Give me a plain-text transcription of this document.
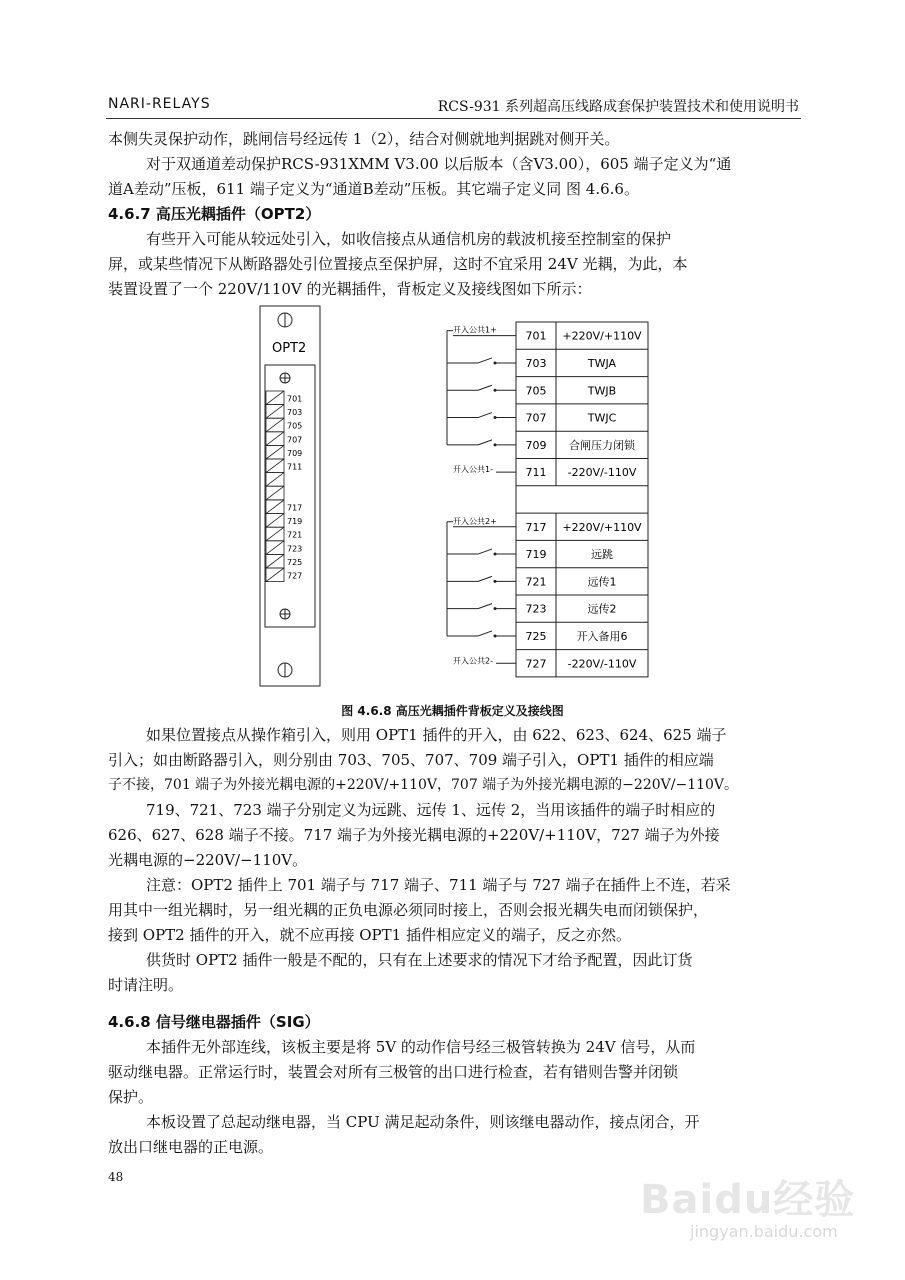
NARI-RELAYS	RCS-931 系列超高压线路成套保护装置技术和使用说明书
本侧失灵保护动作，跳闸信号经远传 1（2），结合对侧就地判据跳对侧开关。
对于双通道差动保护RCS-931XMM V3.00 以后版本（含V3.00），605 端子定义为“通
道A差动”压板，611 端子定义为“通道B差动”压板。其它端子定义同 图 4.6.6。
4.6.7 高压光耦插件（OPT2）
有些开入可能从较远处引入，如收信接点从通信机房的载波机接至控制室的保护
屏，或某些情况下从断路器处引位置接点至保护屏，这时不宜采用 24V 光耦，为此，本
装置设置了一个 220V/110V 的光耦插件，背板定义及接线图如下所示：
OPT2
701
703
705
707
709
711
717
719
721
723
725
727
701 +220V/+110V
703	TWJA
705	TWJB
707	TWJC
709 合闸压力闭锁
711 -220V/-110V
717 +220V/+110V
719	远跳
721	远传1
723	远传2
725	开入备用6
727 -220V/-110V
开入公共1+
开入公共1-
开入公共2+
开入公共2-
图 4.6.8 高压光耦插件背板定义及接线图
如果位置接点从操作箱引入，则用 OPT1 插件的开入，由 622、623、624、625 端子
引入；如由断路器引入，则分别由 703、705、707、709 端子引入，OPT1 插件的相应端
子不接，701 端子为外接光耦电源的+220V/+110V，707 端子为外接光耦电源的−220V/−110V。
719、721、723 端子分别定义为远跳、远传 1、远传 2，当用该插件的端子时相应的
626、627、628 端子不接。717 端子为外接光耦电源的+220V/+110V，727 端子为外接
光耦电源的−220V/−110V。
注意：OPT2 插件上 701 端子与 717 端子、711 端子与 727 端子在插件上不连，若采
用其中一组光耦时，另一组光耦的正负电源必须同时接上，否则会报光耦失电而闭锁保护，
接到 OPT2 插件的开入，就不应再接 OPT1 插件相应定义的端子，反之亦然。
供货时 OPT2 插件一般是不配的，只有在上述要求的情况下才给予配置，因此订货
时请注明。
4.6.8 信号继电器插件（SIG）
本插件无外部连线，该板主要是将 5V 的动作信号经三极管转换为 24V 信号，从而
驱动继电器。正常运行时，装置会对所有三极管的出口进行检查，若有错则告警并闭锁
保护。
本板设置了总起动继电器，当 CPU 满足起动条件，则该继电器动作，接点闭合，开
放出口继电器的正电源。
48	Baidu经验
jingyan.baidu.com
